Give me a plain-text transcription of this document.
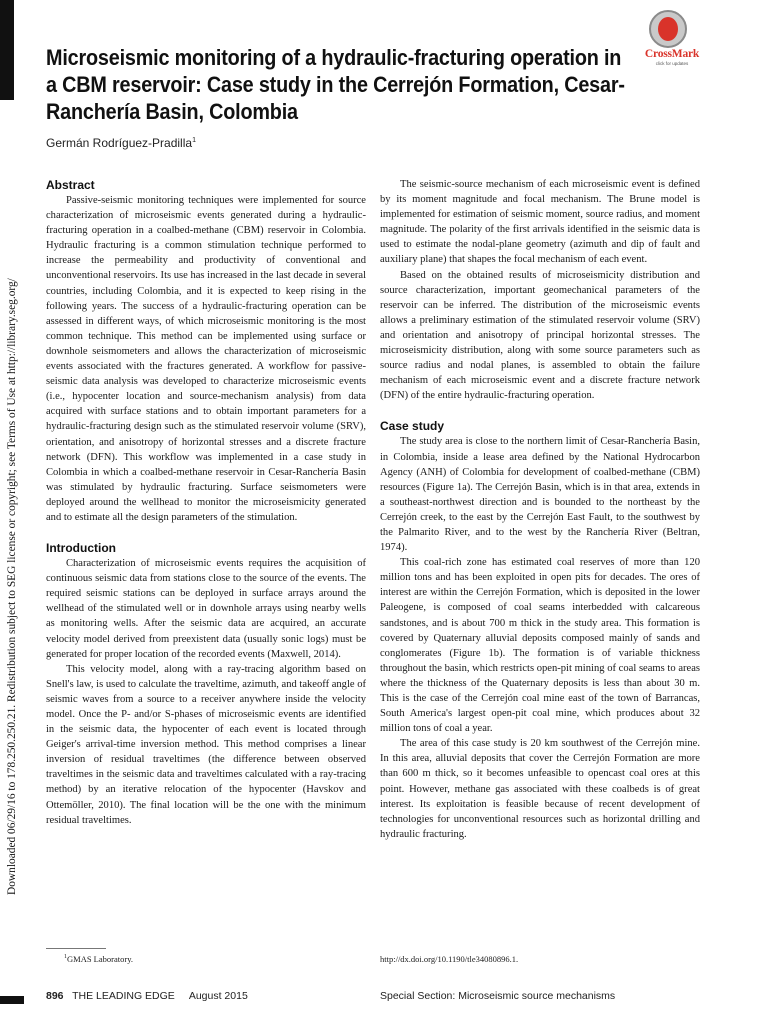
Downloaded 06/29/16 to 178.250.250.21. Redistribution subject to SEG license or copyright; see Terms of Use at http://library.seg.org/
CrossMark
click for updates
Microseismic monitoring of a hydraulic-fracturing operation in a CBM reservoir: Case study in the Cerrejón Formation, Cesar-Ranchería Basin, Colombia
Germán Rodríguez-Pradilla$^1$
Abstract

Passive-seismic monitoring techniques were implemented for source characterization of microseismic events generated during a hydraulic-fracturing operation in a coalbed-methane (CBM) reservoir in Colombia. Hydraulic fracturing is a common stimulation technique performed to increase the permeability and productivity of conventional and unconventional reservoirs. Its use has increased in the last decade in several countries, including Colombia, and it is expected to keep rising in the following years. The success of a hydraulic-fracturing operation can be assessed in different ways, of which microseismic monitoring is the most common technique. This method can be implemented using surface or downhole seismometers and allows the characterization of microseismic events associated with the fractures generated. A workflow for passive-seismic data analysis was developed to characterize microseismic events (i.e., hypocenter location and source-mechanism analysis) from data acquired with surface stations and to obtain important parameters for a hydraulic-fracturing design such as the stimulated reservoir volume (SRV), orientation, and anisotropy of horizontal stresses and a discrete fracture network (DFN). This workflow was implemented in a case study in Colombia in which a coalbed-methane reservoir in Cesar-Ranchería Basin was stimulated by hydraulic fracturing. Surface seismometers were deployed around the wellhead to monitor the microseismicity generated and to estimate all the design parameters of the stimulation.

Introduction

Characterization of microseismic events requires the acquisition of continuous seismic data from stations close to the source of the events. The required seismic stations can be deployed in surface arrays around the wellhead of the stimulated well or in downhole arrays using nearby wells as monitoring wells. After the seismic data are acquired, an accurate velocity model derived from preexistent data (usually sonic logs) must be generated for proper location of the recorded events (Maxwell, 2014).

This velocity model, along with a ray-tracing algorithm based on Snell's law, is used to calculate the traveltime, azimuth, and takeoff angle of seismic waves from a source to a receiver anywhere inside the velocity model. Once the P- and/or S-phases of microseismic events are identified in the seismic data, the hypocenter of each event is located through Geiger's arrival-time inversion method. This method comprises a linear inversion of residual traveltimes (the difference between observed traveltimes in the seismic data and traveltimes calculated with a ray-tracing method) by an iterative relocation of the hypocenter (Havskov and Ottemöller, 2010). The final location will be the one with the minimum residual traveltimes.

The seismic-source mechanism of each microseismic event is defined by its moment magnitude and focal mechanism. The Brune model is implemented for estimation of seismic moment, source radius, and moment magnitude. The polarity of the first arrivals identified in the seismic data is used to estimate the nodal-plane geometry (azimuth and dip of fault and auxiliary plane) that shapes the focal mechanism of each event.

Based on the obtained results of microseismicity distribution and source characterization, important geomechanical parameters of the reservoir can be inferred. The distribution of the microseismic events allows a preliminary estimation of the stimulated reservoir volume (SRV) and orientation and anisotropy of principal horizontal stresses. The microseismicity distribution, along with some source parameters such as source radius and nodal planes, is assembled to obtain the failure mechanism of each microseismic event and a discrete fracture network (DFN) of the entire hydraulic-fracturing operation.

Case study

The study area is close to the northern limit of Cesar-Ranchería Basin, in Colombia, inside a lease area defined by the National Hydrocarbon Agency (ANH) of Colombia for development of coalbed-methane (CBM) resources (Figure 1a). The Cerrejón Basin, which is in that area, extends in a southeast-northwest direction and is bounded to the northeast by the Cerrejón creek, to the east by the Cerrejón East Fault, to the southwest by the Palmarito River, and to the west by the Ranchería River (Beltran, 1974).

This coal-rich zone has estimated coal reserves of more than 120 million tons and has been exploited in open pits for decades. The ores of interest are within the Cerrejón Formation, which is deposited in the lower Paleogene, is composed of coal seams interbedded with calcareous sandstones, and is about 700 m thick in the study area. This formation is covered by Quaternary alluvial deposits composed mainly of sands and conglomerates (Figure 1b). The formation is of variable thickness throughout the basin, which restricts open-pit mining of coal seams to areas where the thickness of the Quaternary deposits is less than about 30 m. This is the case of the Cerrejón coal mine east of the town of Barrancas, South America's largest open-pit coal mine, which produces about 32 million tons of coal a year.

The area of this case study is 20 km southwest of the Cerrejón mine. In this area, alluvial deposits that cover the Cerrejón Formation are more than 600 m thick, so it becomes unfeasible to opencast coal ores at this point. However, methane gas associated with these coalbeds is of great interest. Its exploitation is feasible because of recent development of technologies for unconventional resources such as horizontal drilling and hydraulic fracturing.

$^1$GMAS Laboratory.	http://dx.doi.org/10.1190/tle34080896.1.
896 THE LEADING EDGE August 2015	Special Section: Microseismic source mechanisms
